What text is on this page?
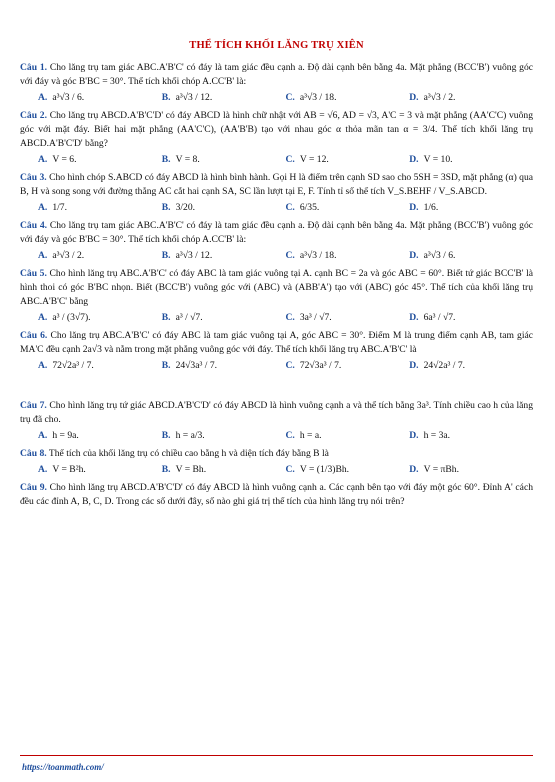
THỂ TÍCH KHỐI LĂNG TRỤ XIÊN
Câu 1. Cho lăng trụ tam giác ABC.A'B'C' có đáy là tam giác đều cạnh a. Độ dài cạnh bên bằng 4a. Mặt phẳng (BCC'B') vuông góc với đáy và góc B'BC = 30°. Thể tích khối chóp A.CC'B' là:
A. a³√3 / 6.	B. a³√3 / 12.	C. a³√3 / 18.	D. a³√3 / 2.
Câu 2. Cho lăng trụ ABCD.A'B'C'D' có đáy ABCD là hình chữ nhật với AB = √6, AD = √3, A'C = 3 và mặt phẳng (AA'C'C) vuông góc với mặt đáy. Biết hai mặt phẳng (AA'C'C), (AA'B'B) tạo với nhau góc α thỏa mãn tan α = 3/4. Thể tích khối lăng trụ ABCD.A'B'C'D' bằng?
A. V = 6.	B. V = 8.	C. V = 12.	D. V = 10.
Câu 3. Cho hình chóp S.ABCD có đáy ABCD là hình bình hành. Gọi H là điểm trên cạnh SD sao cho 5SH = 3SD, mặt phẳng (α) qua B, H và song song với đường thẳng AC cắt hai cạnh SA, SC lần lượt tại E, F. Tính tỉ số thể tích V_S.BEHF / V_S.ABCD.
A. 1/7.	B. 3/20.	C. 6/35.	D. 1/6.
Câu 4. Cho lăng trụ tam giác ABC.A'B'C' có đáy là tam giác đều cạnh a. Độ dài cạnh bên bằng 4a. Mặt phẳng (BCC'B') vuông góc với đáy và góc B'BC = 30°. Thể tích khối chóp A.CC'B' là:
A. a³√3 / 2.	B. a³√3 / 12.	C. a³√3 / 18.	D. a³√3 / 6.
Câu 5. Cho hình lăng trụ ABC.A'B'C' có đáy ABC là tam giác vuông tại A. cạnh BC = 2a và góc ABC = 60°. Biết tứ giác BCC'B' là hình thoi có góc B'BC nhọn. Biết (BCC'B') vuông góc với (ABC) và (ABB'A') tạo với (ABC) góc 45°. Thể tích của khối lăng trụ ABC.A'B'C' bằng
A. a³ / (3√7).	B. a³ / √7.	C. 3a³ / √7.	D. 6a³ / √7.
Câu 6. Cho lăng trụ ABC.A'B'C' có đáy ABC là tam giác vuông tại A, góc ABC = 30°. Điểm M là trung điểm cạnh AB, tam giác MA'C đều cạnh 2a√3 và nằm trong mặt phẳng vuông góc với đáy. Thể tích khối lăng trụ ABC.A'B'C' là
A. 72√2a³ / 7.	B. 24√3a³ / 7.	C. 72√3a³ / 7.	D. 24√2a³ / 7.
Câu 7. Cho hình lăng trụ tứ giác ABCD.A'B'C'D' có đáy ABCD là hình vuông cạnh a và thể tích bằng 3a³. Tính chiều cao h của lăng trụ đã cho.
A. h = 9a.	B. h = a/3.	C. h = a.	D. h = 3a.
Câu 8. Thể tích của khối lăng trụ có chiều cao bằng h và diện tích đáy bằng B là
A. V = B²h.	B. V = Bh.	C. V = (1/3)Bh.	D. V = πBh.
Câu 9. Cho hình lăng trụ ABCD.A'B'C'D' có đáy ABCD là hình vuông cạnh a. Các cạnh bên tạo với đáy một góc 60°. Đỉnh A' cách đều các đỉnh A, B, C, D. Trong các số dưới đây, số nào ghi giá trị thể tích của hình lăng trụ nói trên?
https://toanmath.com/
